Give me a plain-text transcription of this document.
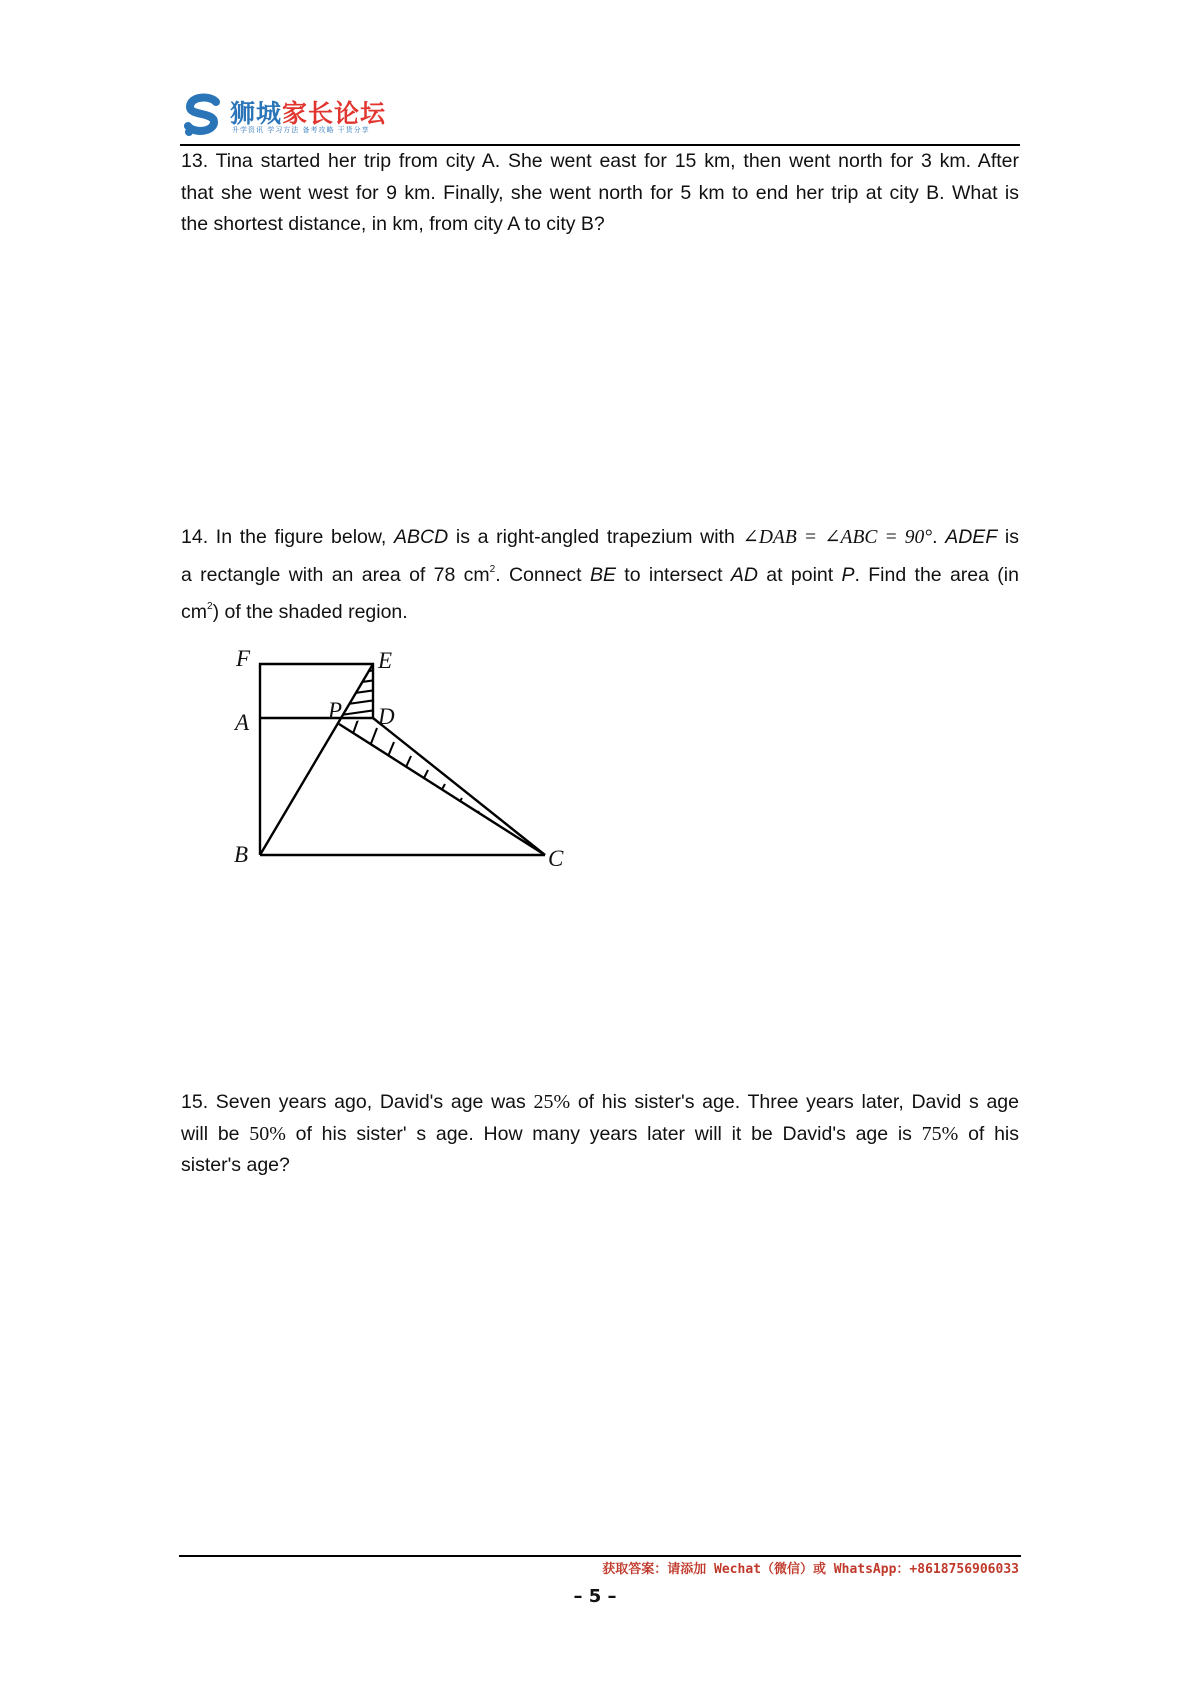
狮城家长论坛
升学资讯 学习方法 备考攻略 干货分享
13. Tina started her trip from city A. She went east for 15 km, then went north for 3 km. After
that she went west for 9 km. Finally, she went north for 5 km to end her trip at city B. What is
the shortest distance, in km, from city A to city B?
14. In the figure below, ABCD is a right-angled trapezium with ∠DAB = ∠ABC = 90°. ADEF is
a rectangle with an area of 78 $cm^2$. Connect BE to intersect AD at point P. Find the area (in
$cm^2$) of the shaded region.
F	E
A	P D
B	C
15. Seven years ago, David's age was 25% of his sister's age. Three years later, David s age
will be 50% of his sister' s age. How many years later will it be David's age is 75% of his
sister's age?
获取答案：请添加 Wechat（微信）或 WhatsApp：+8618756906033
– 5 –
